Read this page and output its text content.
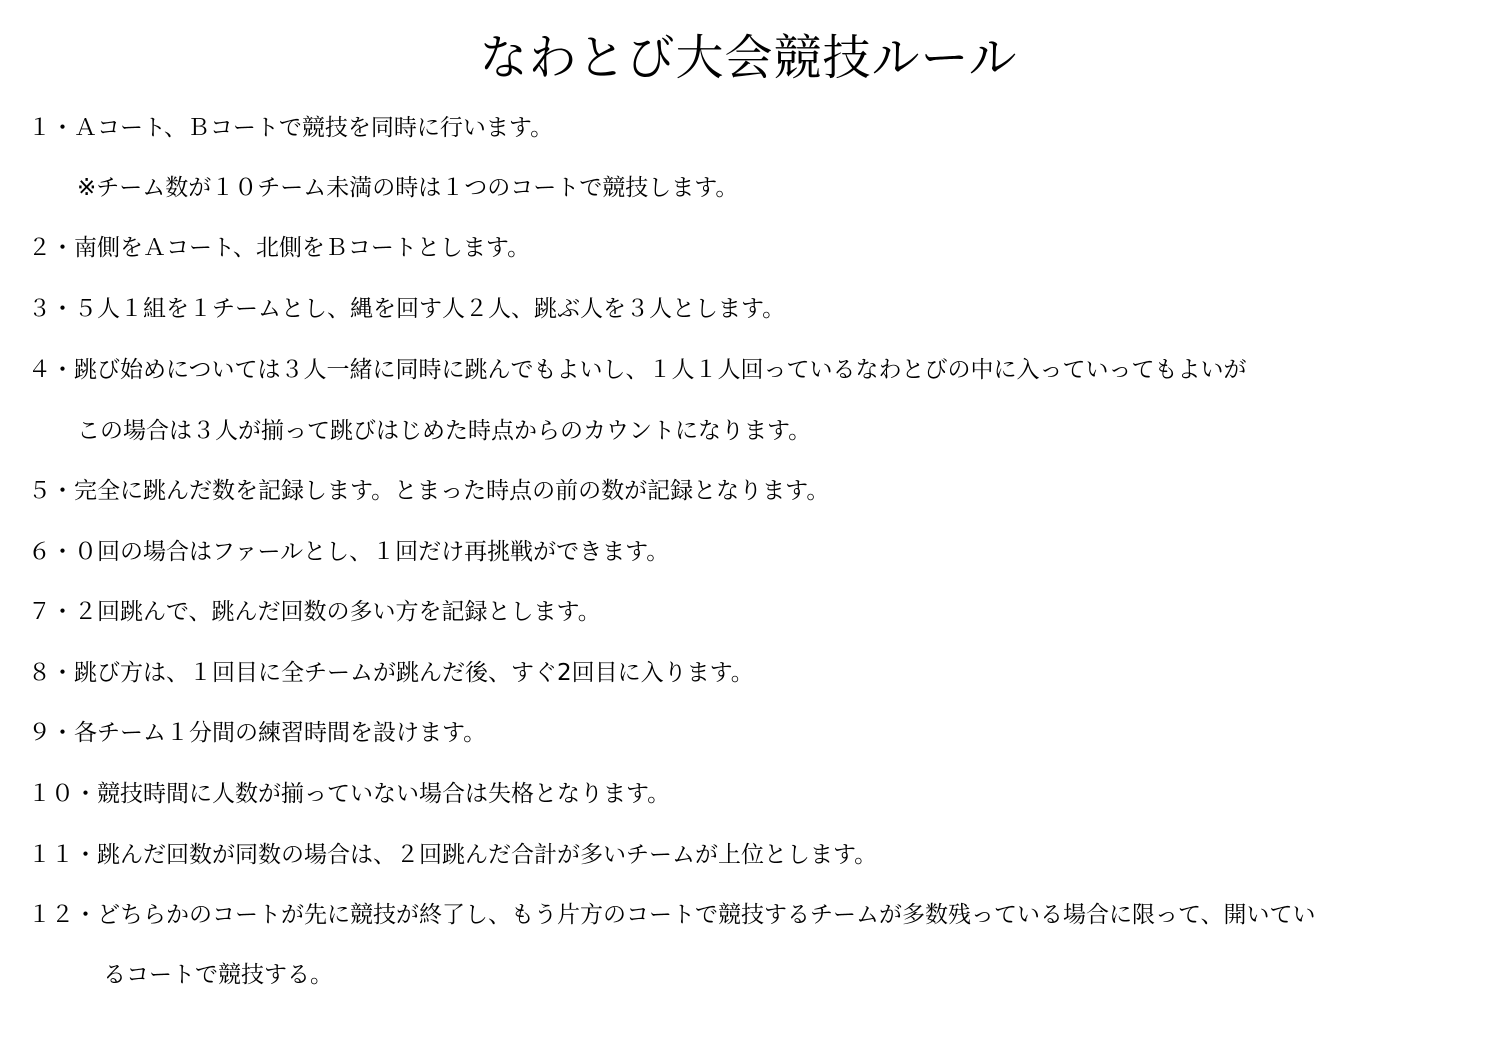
なわとび大会競技ルール

１・Ａコート、Ｂコートで競技を同時に行います。

※チーム数が１０チーム未満の時は１つのコートで競技します。

２・南側をＡコート、北側をＢコートとします。

３・５人１組を１チームとし、縄を回す人２人、跳ぶ人を３人とします。

４・跳び始めについては３人一緒に同時に跳んでもよいし、１人１人回っているなわとびの中に入っていってもよいが

この場合は３人が揃って跳びはじめた時点からのカウントになります。

５・完全に跳んだ数を記録します。とまった時点の前の数が記録となります。

６・０回の場合はファールとし、１回だけ再挑戦ができます。

７・２回跳んで、跳んだ回数の多い方を記録とします。

８・跳び方は、１回目に全チームが跳んだ後、すぐ2回目に入ります。

９・各チーム１分間の練習時間を設けます。

１０・競技時間に人数が揃っていない場合は失格となります。

１１・跳んだ回数が同数の場合は、２回跳んだ合計が多いチームが上位とします。

１２・どちらかのコートが先に競技が終了し、もう片方のコートで競技するチームが多数残っている場合に限って、開いてい

るコートで競技する。
